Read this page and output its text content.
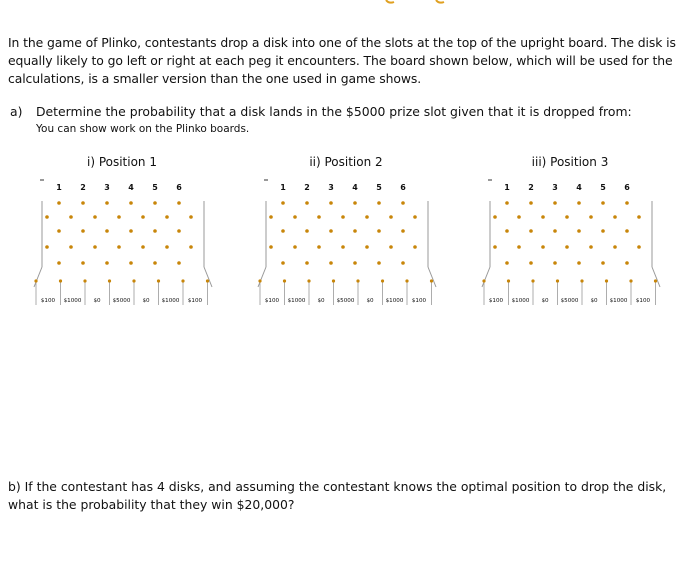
In the game of Plinko, contestants drop a disk into one of the slots at the top of the upright board. The disk is equally likely to go left or right at each peg it encounters. The board shown below, which will be used for the calculations, is a smaller version than the one used in game shows.
a) Determine the probability that a disk lands in the $5000 prize slot given that it is dropped from:
You can show work on the Plinko boards.
i) Position 1
1 2 3 4 5 6
$100 $1000 $0 $5000 $0 $1000 $100
ii) Position 2
1 2 3 4 5 6
$100 $1000 $0 $5000 $0 $1000 $100
iii) Position 3
1 2 3 4 5 6
$100 $1000 $0 $5000 $0 $1000 $100
b) If the contestant has 4 disks, and assuming the contestant knows the optimal position to drop the disk, what is the probability that they win $20,000?
